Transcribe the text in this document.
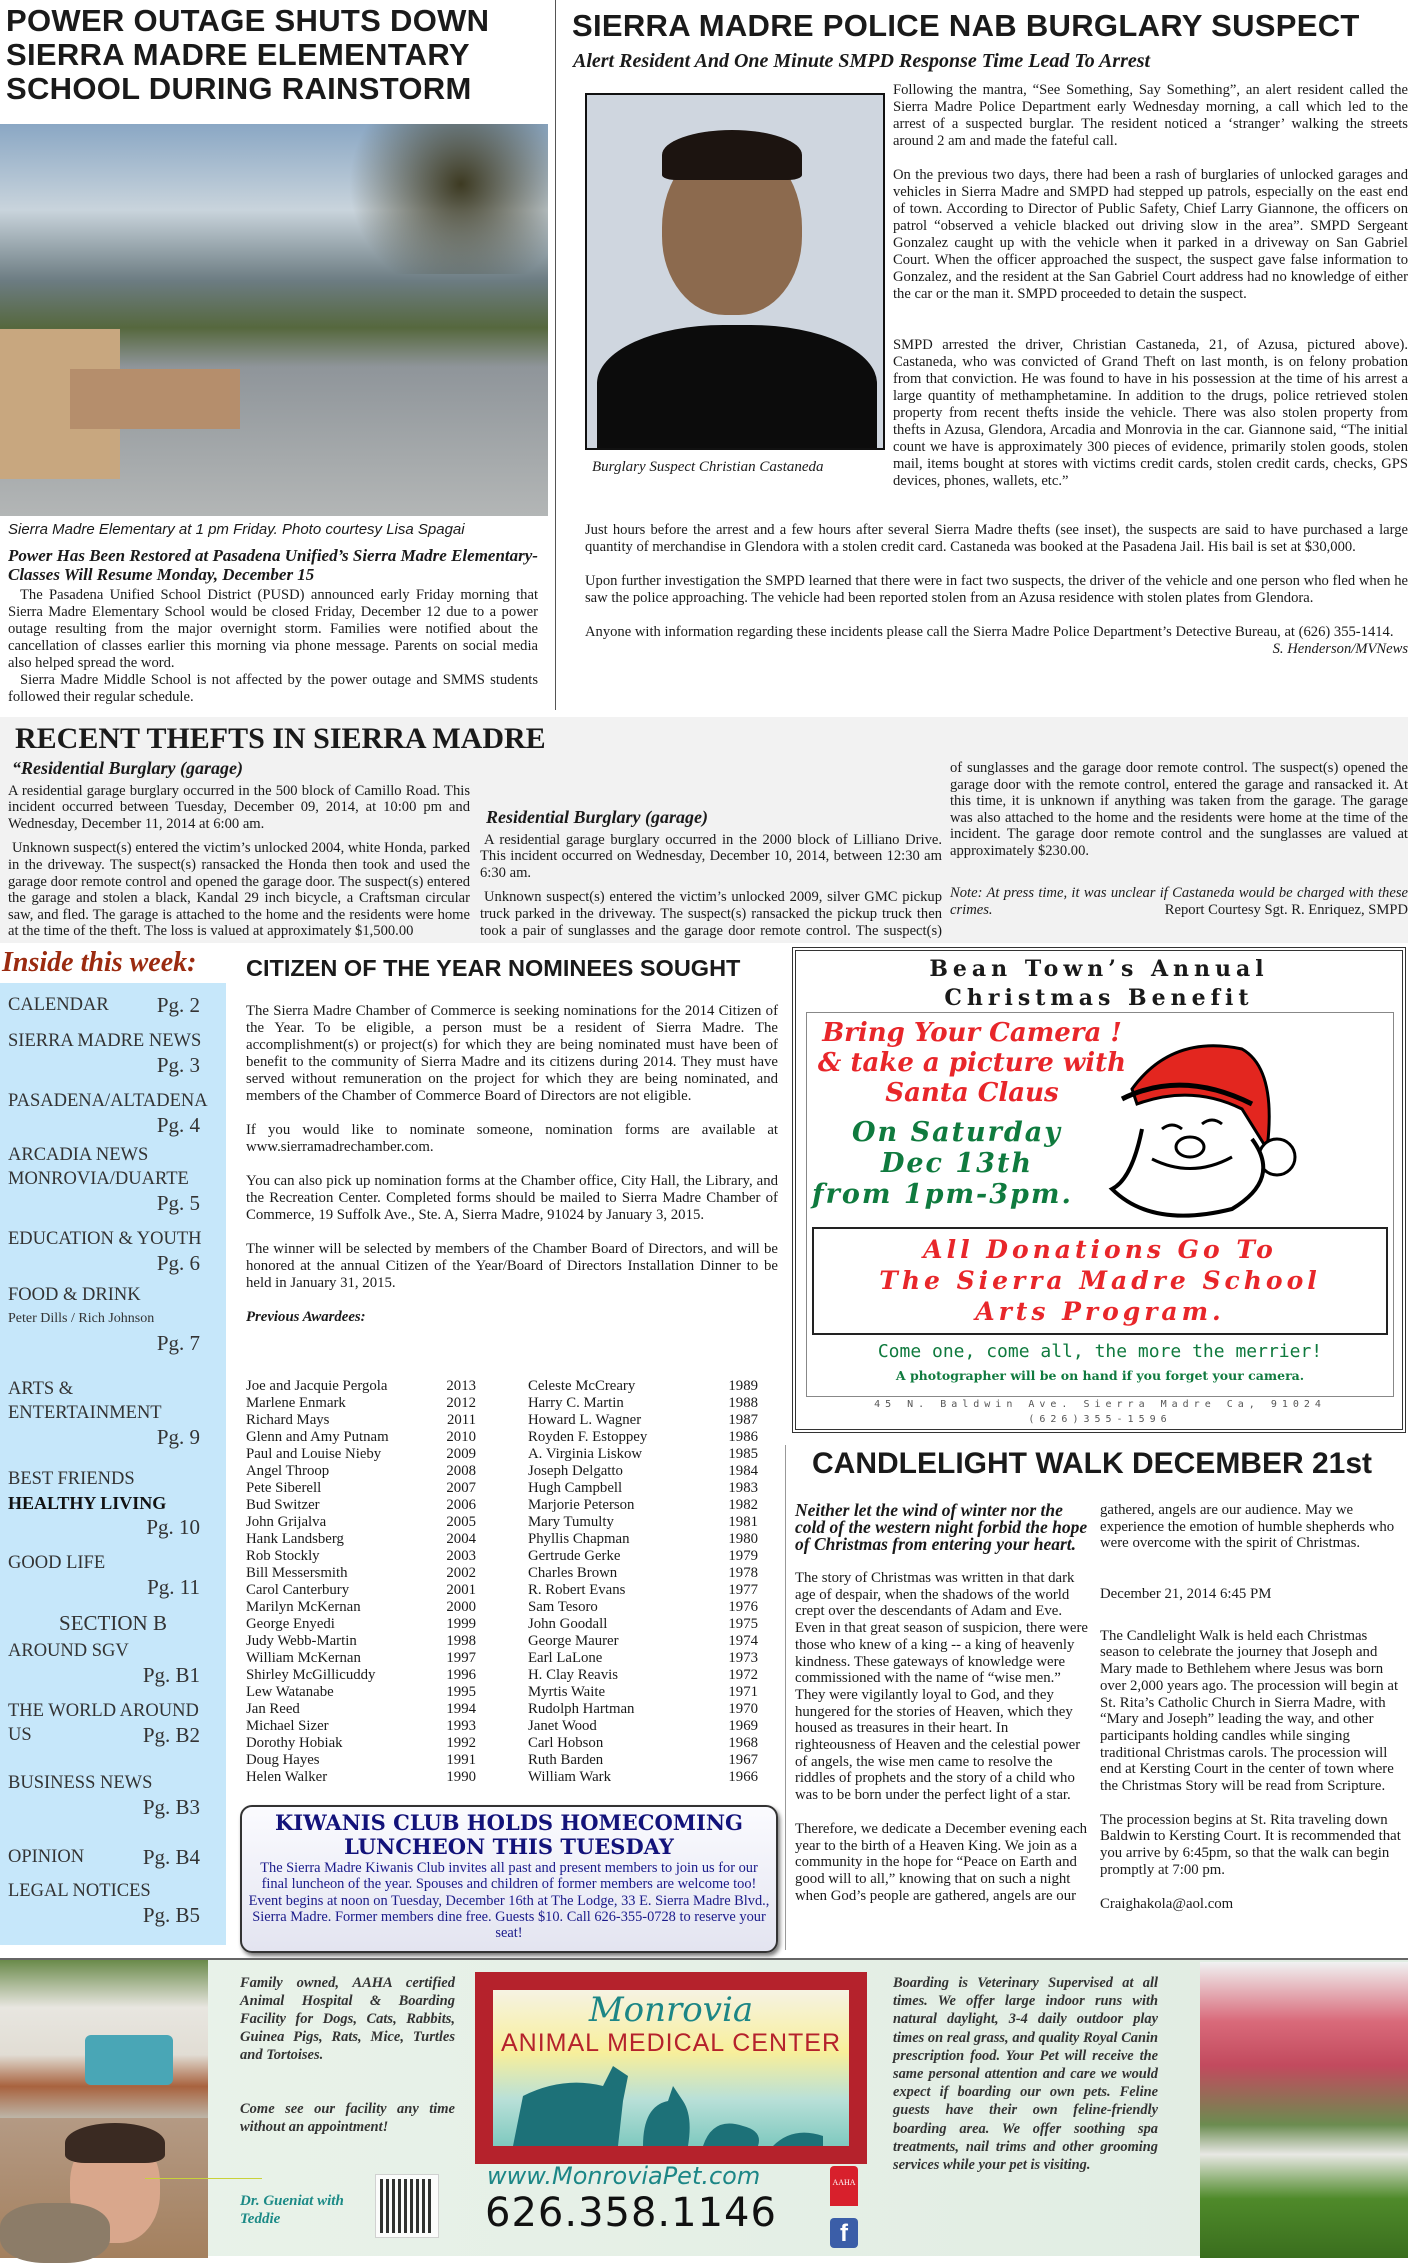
POWER OUTAGE SHUTS DOWN SIERRA MADRE ELEMENTARY SCHOOL DURING RAINSTORM
Sierra Madre Elementary at 1 pm Friday. Photo courtesy Lisa Spagai
Power Has Been Restored at Pasadena Unified’s Sierra Madre Elementary-Classes Will Resume Monday, December 15

The Pasadena Unified School District (PUSD) announced early Friday morning that Sierra Madre Elementary School would be closed Friday, December 12 due to a power outage resulting from the major overnight storm. Families were notified about the cancellation of classes earlier this morning via phone message. Parents on social media also helped spread the word.

Sierra Madre Middle School is not affected by the power outage and SMMS students followed their regular schedule.

SIERRA MADRE POLICE NAB BURGLARY SUSPECT
Alert Resident And One Minute SMPD Response Time Lead To Arrest
Burglary Suspect Christian Castaneda

Following the mantra, “See Something, Say Something”, an alert resident called the Sierra Madre Police Department early Wednesday morning, a call which led to the arrest of a suspected burglar. The resident noticed a ‘stranger’ walking the streets around 2 am and made the fateful call.

On the previous two days, there had been a rash of burglaries of unlocked garages and vehicles in Sierra Madre and SMPD had stepped up patrols, especially on the east end of town. According to Director of Public Safety, Chief Larry Giannone, the officers on patrol “observed a vehicle blacked out driving slow in the area”. SMPD Sergeant Gonzalez caught up with the vehicle when it parked in a driveway on San Gabriel Court. When the officer approached the suspect, the suspect gave false information to Gonzalez, and the resident at the San Gabriel Court address had no knowledge of either the car or the man it. SMPD proceeded to detain the suspect.

SMPD arrested the driver, Christian Castaneda, 21, of Azusa, pictured above). Castaneda, who was convicted of Grand Theft on last month, is on felony probation from that conviction. He was found to have in his possession at the time of his arrest a large quantity of methamphetamine. In addition to the drugs, police retrieved stolen property from recent thefts inside the vehicle. There was also stolen property from thefts in Azusa, Glendora, Arcadia and Monrovia in the car. Giannone said, “The initial count we have is approximately 300 pieces of evidence, primarily stolen goods, stolen mail, items bought at stores with victims credit cards, stolen credit cards, checks, GPS devices, phones, wallets, etc.”

Just hours before the arrest and a few hours after several Sierra Madre thefts (see inset), the suspects are said to have purchased a large quantity of merchandise in Glendora with a stolen credit card. Castaneda was booked at the Pasadena Jail. His bail is set at $30,000.

Upon further investigation the SMPD learned that there were in fact two suspects, the driver of the vehicle and one person who fled when he saw the police approaching. The vehicle had been reported stolen from an Azusa residence with stolen plates from Glendora.

Anyone with information regarding these incidents please call the Sierra Madre Police Department’s Detective Bureau, at (626) 355-1414.

S. Henderson/MVNews
RECENT THEFTS IN SIERRA MADRE
“Residential Burglary (garage)

A residential garage burglary occurred in the 500 block of Camillo Road. This incident occurred between Tuesday, December 09, 2014, at 10:00 pm and Wednesday, December 11, 2014 at 6:00 am.

Unknown suspect(s) entered the victim’s unlocked 2004, white Honda, parked in the driveway. The suspect(s) ransacked the Honda then took and used the garage door remote control and opened the garage door. The suspect(s) entered the garage and stolen a black, Kandal 29 inch bicycle, a Craftsman circular saw, and fled. The garage is attached to the home and the residents were home at the time of the theft. The loss is valued at approximately $1,500.00

Residential Burglary (garage)

A residential garage burglary occurred in the 2000 block of Lilliano Drive. This incident occurred on Wednesday, December 10, 2014, between 12:30 am 6:30 am.

Unknown suspect(s) entered the victim’s unlocked 2009, silver GMC pickup truck parked in the driveway. The suspect(s) ransacked the pickup truck then took a pair of sunglasses and the garage door remote control. The suspect(s)

of sunglasses and the garage door remote control. The suspect(s) opened the garage door with the remote control, entered the garage and ransacked it. At this time, it is unknown if anything was taken from the garage. The garage was also attached to the home and the residents were home at the time of the incident. The garage door remote control and the sunglasses are valued at approximately $230.00.

Note: At press time, it was unclear if Castaneda would be charged with these crimes.	Report Courtesy Sgt. R. Enriquez, SMPD

Inside this week:
CALENDAR	Pg. 2
SIERRA MADRE NEWS
Pg. 3
PASADENA/ALTADENA
Pg. 4
ARCADIA NEWS
MONROVIA/DUARTE
Pg. 5
EDUCATION & YOUTH
Pg. 6
FOOD & DRINK
Peter Dills / Rich Johnson
Pg. 7
ARTS &
ENTERTAINMENT
Pg. 9
BEST FRIENDS
HEALTHY LIVING
Pg. 10
GOOD LIFE
Pg. 11
SECTION B
AROUND SGV
Pg. B1
THE WORLD AROUND US	Pg. B2
BUSINESS NEWS
Pg. B3
OPINION	Pg. B4
LEGAL NOTICES
Pg. B5
CITIZEN OF THE YEAR NOMINEES SOUGHT

The Sierra Madre Chamber of Commerce is seeking nominations for the 2014 Citizen of the Year. To be eligible, a person must be a resident of Sierra Madre. The accomplishment(s) or project(s) for which they are being nominated must have been of benefit to the community of Sierra Madre and its citizens during 2014. They must have served without remuneration on the project for which they are being nominated, and members of the Chamber of Commerce Board of Directors are not eligible.

If you would like to nominate someone, nomination forms are available at www.sierramadrechamber.com.

You can also pick up nomination forms at the Chamber office, City Hall, the Library, and the Recreation Center. Completed forms should be mailed to Sierra Madre Chamber of Commerce, 19 Suffolk Ave., Ste. A, Sierra Madre, 91024 by January 3, 2015.

The winner will be selected by members of the Chamber Board of Directors, and will be honored at the annual Citizen of the Year/Board of Directors Installation Dinner to be held in January 31, 2015.

Previous Awardees:
Joe and Jacquie Pergola	2013
Marlene Enmark	2012
Richard Mays	2011
Glenn and Amy Putnam	2010
Paul and Louise Nieby	2009
Angel Throop	2008
Pete Siberell	2007
Bud Switzer	2006
John Grijalva	2005
Hank Landsberg	2004
Rob Stockly	2003
Bill Messersmith	2002
Carol Canterbury	2001
Marilyn McKernan	2000
George Enyedi	1999
Judy Webb-Martin	1998
William McKernan	1997
Shirley McGillicuddy	1996
Lew Watanabe	1995
Jan Reed	1994
Michael Sizer	1993
Dorothy Hobiak	1992
Doug Hayes	1991
Helen Walker	1990
Celeste McCreary	1989
Harry C. Martin	1988
Howard L. Wagner	1987
Royden F. Estoppey	1986
A. Virginia Liskow	1985
Joseph Delgatto	1984
Hugh Campbell	1983
Marjorie Peterson	1982
Mary Tumulty	1981
Phyllis Chapman	1980
Gertrude Gerke	1979
Charles Brown	1978
R. Robert Evans	1977
Sam Tesoro	1976
John Goodall	1975
George Maurer	1974
Earl LaLone	1973
H. Clay Reavis	1972
Myrtis Waite	1971
Rudolph Hartman	1970
Janet Wood	1969
Carl Hobson	1968
Ruth Barden	1967
William Wark	1966
KIWANIS CLUB HOLDS HOMECOMING LUNCHEON THIS TUESDAY
The Sierra Madre Kiwanis Club invites all past and present members to join us for our final luncheon of the year. Spouses and children of former members are welcome too! Event begins at noon on Tuesday, December 16th at The Lodge, 33 E. Sierra Madre Blvd., Sierra Madre. Former members dine free. Guests $10. Call 626-355-0728 to reserve your seat!
Bean Town’s Annual
Christmas Benefit
Bring Your Camera !
& take a picture with
Santa Claus
On Saturday
Dec 13th
from 1pm-3pm.
All Donations Go To
The Sierra Madre School
Arts Program.
Come one, come all, the more the merrier!
A photographer will be on hand if you forget your camera.
45 N. Baldwin Ave. Sierra Madre Ca, 91024
(626)355-1596
CANDLELIGHT WALK DECEMBER 21st
Neither let the wind of winter nor the cold of the western night forbid the hope of Christmas from entering your heart.

The story of Christmas was written in that dark age of despair, when the shadows of the world crept over the descendants of Adam and Eve. Even in that great season of suspicion, there were those who knew of a king -- a king of heavenly kindness. These gateways of knowledge were commissioned with the name of “wise men.” They were vigilantly loyal to God, and they hungered for the stories of Heaven, which they housed as treasures in their heart. In righteousness of Heaven and the celestial power of angels, the wise men came to resolve the riddles of prophets and the story of a child who was to be born under the perfect light of a star.

Therefore, we dedicate a December evening each year to the birth of a Heaven King. We join as a community in the hope for “Peace on Earth and good will to all,” knowing that on such a night when God’s people are gathered, angels are our

gathered, angels are our audience. May we experience the emotion of humble shepherds who were overcome with the spirit of Christmas.

December 21, 2014 6:45 PM

The Candlelight Walk is held each Christmas season to celebrate the journey that Joseph and Mary made to Bethlehem where Jesus was born over 2,000 years ago. The procession will begin at St. Rita’s Catholic Church in Sierra Madre, with “Mary and Joseph” leading the way, and other participants holding candles while singing traditional Christmas carols. The procession will end at Kersting Court in the center of town where the Christmas Story will be read from Scripture.

The procession begins at St. Rita traveling down Baldwin to Kersting Court. It is recommended that you arrive by 6:45pm, so that the walk can begin promptly at 7:00 pm.

Craighakola@aol.com
Family owned, AAHA certified Animal Hospital & Boarding Facility for Dogs, Cats, Rabbits, Guinea Pigs, Rats, Mice, Turtles and Tortoises.
Come see our facility any time without an appointment!
Dr. Gueniat with Teddie
Monrovia
ANIMAL MEDICAL CENTER
www.MonroviaPet.com
626.358.1146
AAHA
f
Boarding is Veterinary Supervised at all times. We offer large indoor runs with natural daylight, 3-4 daily outdoor play times on real grass, and quality Royal Canin prescription food. Your Pet will receive the same personal attention and care we would expect if boarding our own pets. Feline guests have their own feline-friendly boarding area. We offer soothing spa treatments, nail trims and other grooming services while your pet is visiting.
